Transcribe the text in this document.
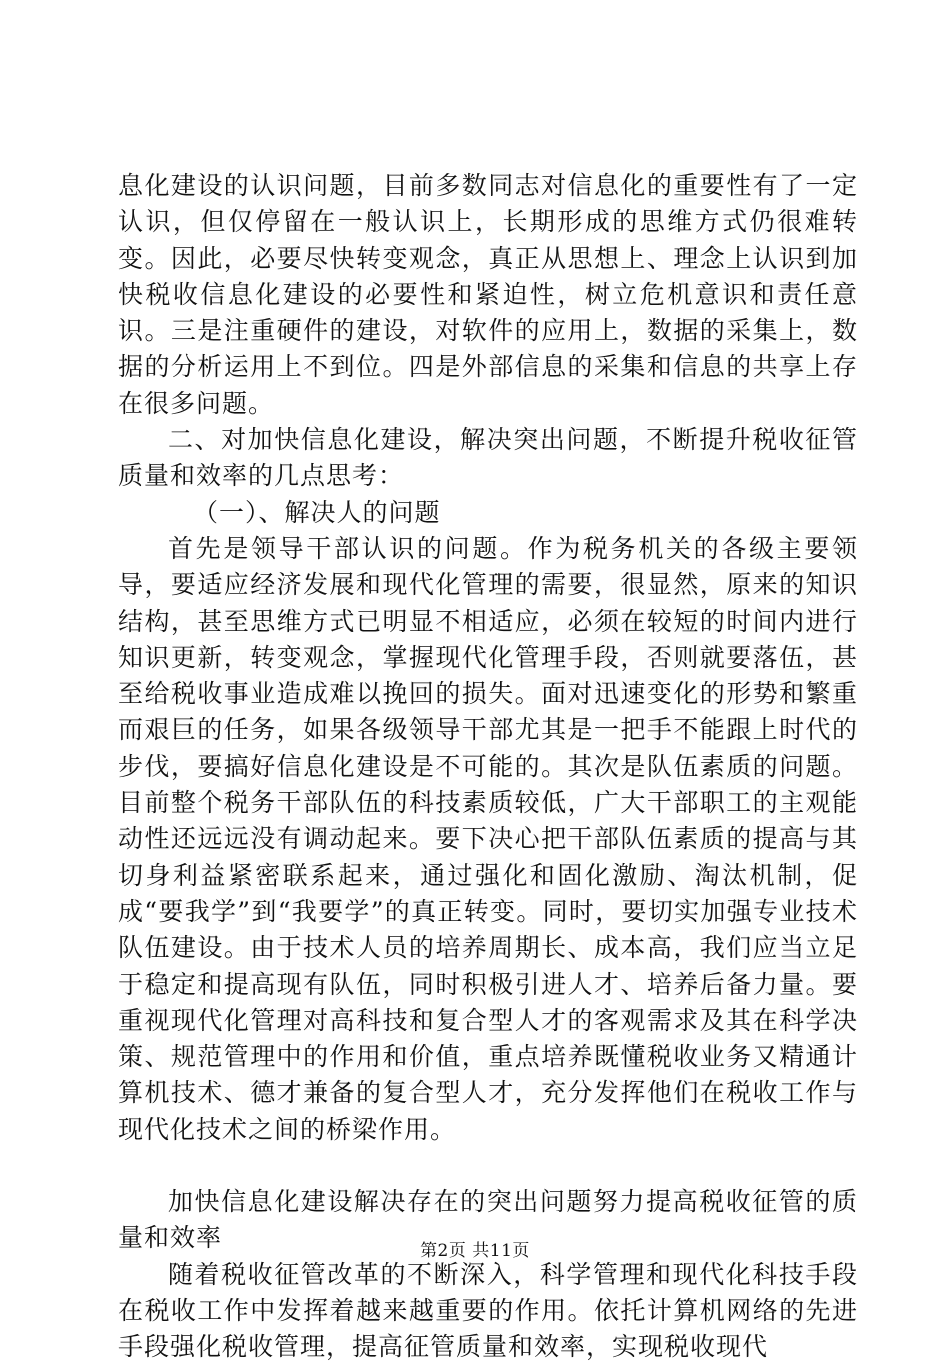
息化建设的认识问题，目前多数同志对信息化的重要性有了一定认识，但仅停留在一般认识上，长期形成的思维方式仍很难转变。因此，必要尽快转变观念，真正从思想上、理念上认识到加快税收信息化建设的必要性和紧迫性，树立危机意识和责任意识。三是注重硬件的建设，对软件的应用上，数据的采集上，数据的分析运用上不到位。四是外部信息的采集和信息的共享上存在很多问题。

二、对加快信息化建设，解决突出问题，不断提升税收征管质量和效率的几点思考：

（一）、解决人的问题

首先是领导干部认识的问题。作为税务机关的各级主要领导，要适应经济发展和现代化管理的需要，很显然，原来的知识结构，甚至思维方式已明显不相适应，必须在较短的时间内进行知识更新，转变观念，掌握现代化管理手段，否则就要落伍，甚至给税收事业造成难以挽回的损失。面对迅速变化的形势和繁重而艰巨的任务，如果各级领导干部尤其是一把手不能跟上时代的步伐，要搞好信息化建设是不可能的。其次是队伍素质的问题。目前整个税务干部队伍的科技素质较低，广大干部职工的主观能动性还远远没有调动起来。要下决心把干部队伍素质的提高与其切身利益紧密联系起来，通过强化和固化激励、淘汰机制，促成“要我学”到“我要学”的真正转变。同时，要切实加强专业技术队伍建设。由于技术人员的培养周期长、成本高，我们应当立足于稳定和提高现有队伍，同时积极引进人才、培养后备力量。要重视现代化管理对高科技和复合型人才的客观需求及其在科学决策、规范管理中的作用和价值，重点培养既懂税收业务又精通计算机技术、德才兼备的复合型人才，充分发挥他们在税收工作与现代化技术之间的桥梁作用。

加快信息化建设解决存在的突出问题努力提高税收征管的质量和效率

随着税收征管改革的不断深入，科学管理和现代化科技手段在税收工作中发挥着越来越重要的作用。依托计算机网络的先进手段强化税收管理，提高征管质量和效率，实现税收现代

第2页 共11页
